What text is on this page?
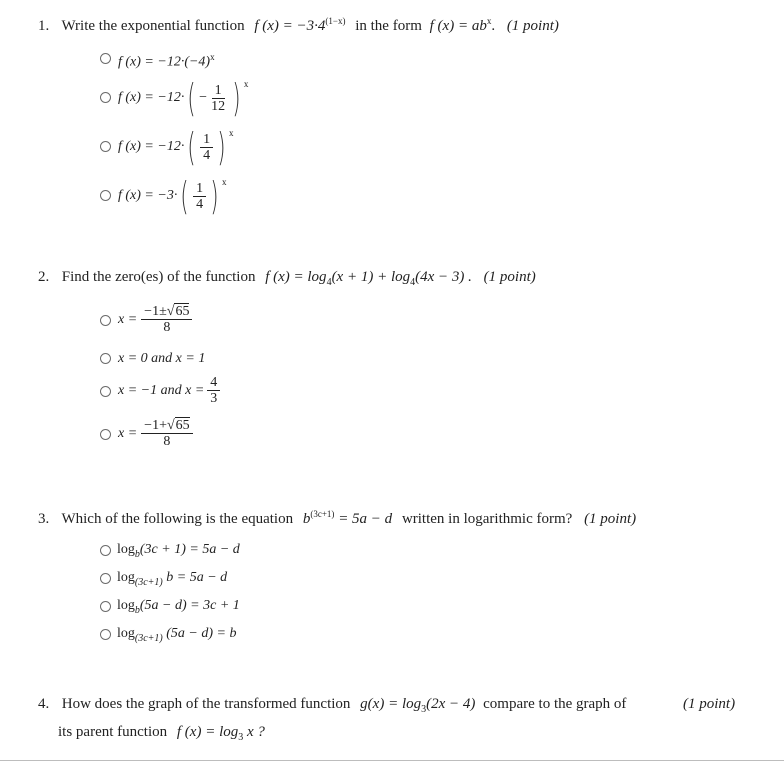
1. Write the exponential function f $(x) = -3\cdot 4^{(1-x)}$ in the form f $(x) = ab^x$. (1 point)
f $(x) = -12\cdot(-4)^x$
f (x) = −12· ( − $\frac{1}{12}$ ) $^x$
f (x) = −12· ( $\frac{1}{4}$ ) $^x$
f (x) = −3· ( $\frac{1}{4}$ ) $^x$
2. Find the zero(es) of the function f $(x) = \log_4(x + 1) + \log_4(4x - 3)$ . (1 point)
$x = \frac{-1\pm√65}{8}$
x = 0 and x = 1
x = −1 and $x = \frac{4}{3}$
$x = \frac{-1+√65}{8}$
3. Which of the following is the equation $b^{(3c+1)} = 5a - d$ written in logarithmic form? (1 point)
$\log_b(3c + 1) = 5a - d$
$\log_{(3c+1)} b = 5a - d$
$\log_b(5a - d) = 3c + 1$
$\log_{(3c+1)} (5a - d) = b$
4. How does the graph of the transformed function $g(x) = \log_3(2x - 4)$ compare to the graph of	(1 point)
its parent function f $(x) = \log_3 x$ ?
